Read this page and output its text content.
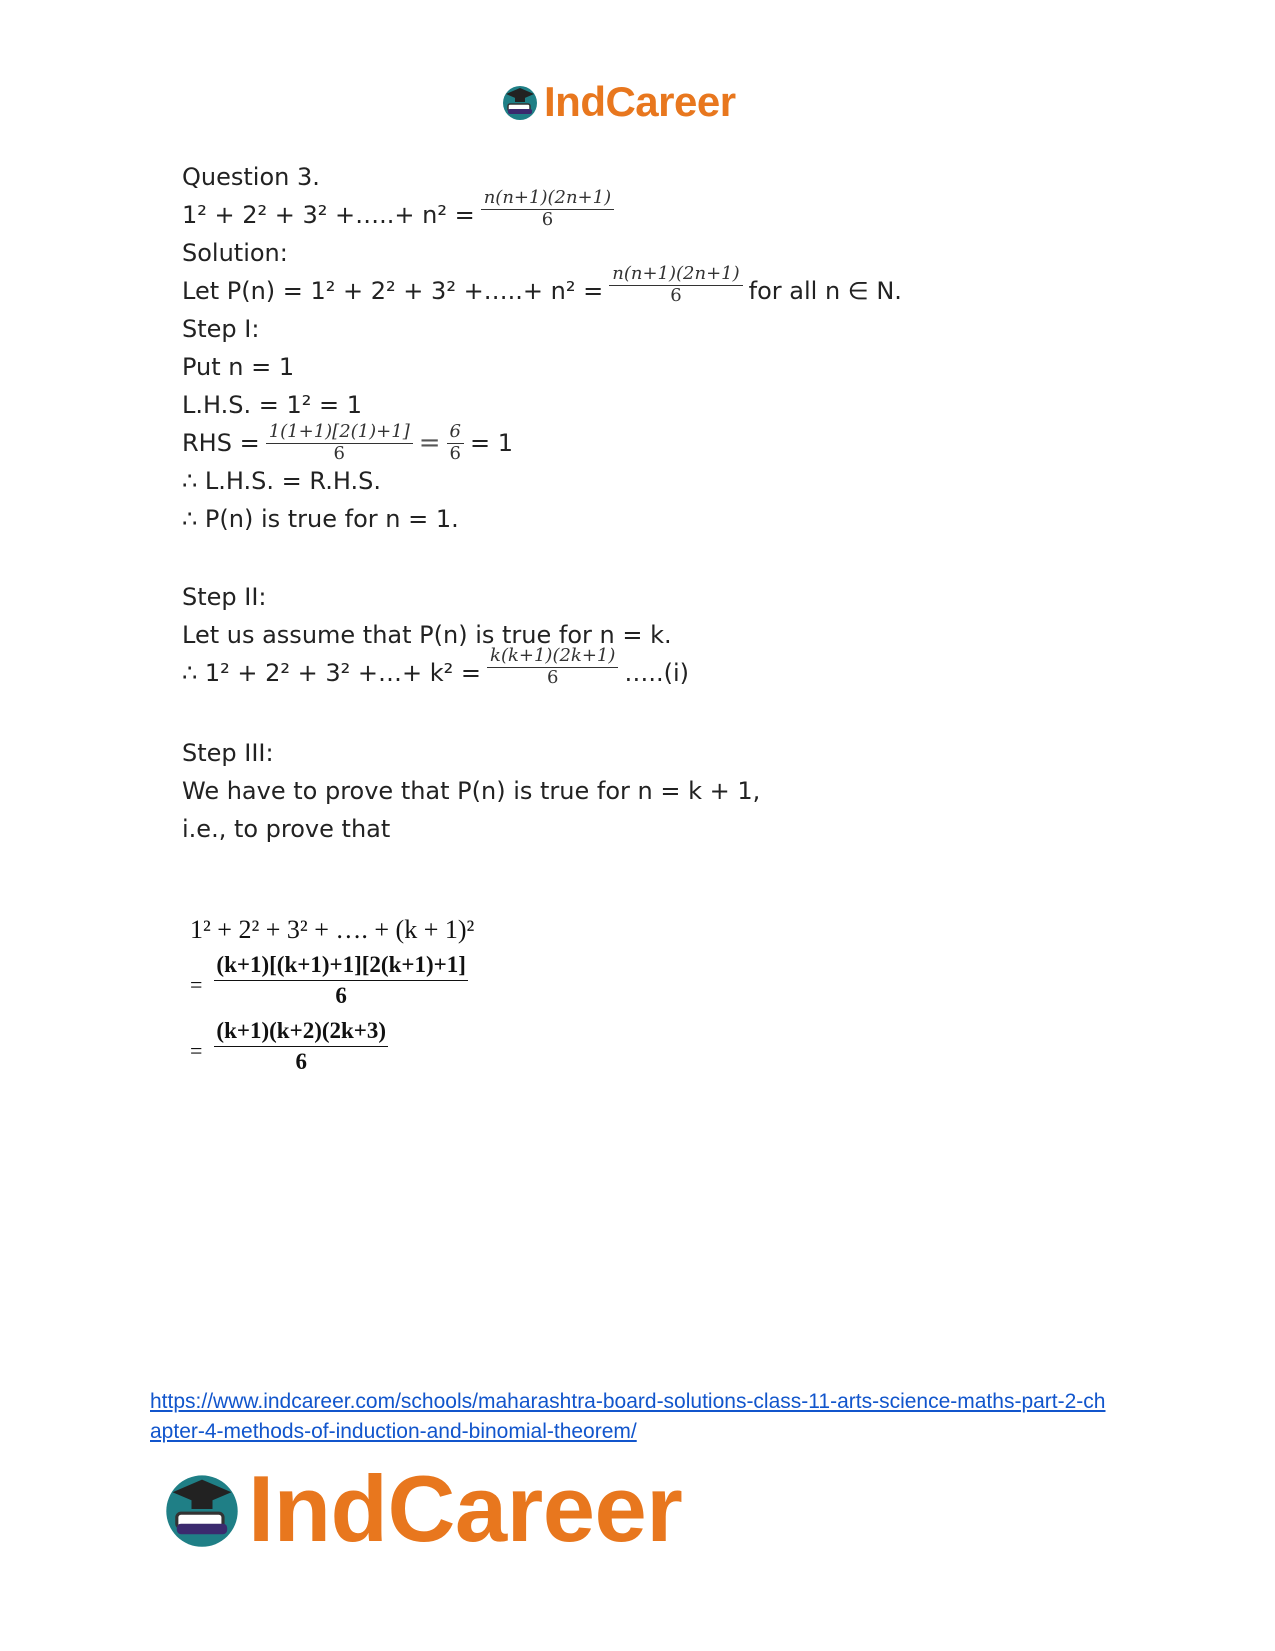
IndCareer
Question 3.
1² + 2² + 3² +…..+ $n^2 = \frac{n(n+1)(2n+1)}{6}$
Solution:
Let P(n) = 1² + 2² + 3² +…..+ $n^2 = \frac{n(n+1)(2n+1)}{6}$ for all n ∈ N.
Step I:
Put n = 1
L.H.S. = 1² = 1
RHS = $\frac{1(1+1)[2(1)+1]}{6} = \frac{6}{6} = 1$
∴ L.H.S. = R.H.S.
∴ P(n) is true for n = 1.
Step II:
Let us assume that P(n) is true for n = k.
∴ 1² + 2² + 3² +…+ $k^2 = \frac{k(k+1)(2k+1)}{6}$ …..(i)
Step III:
We have to prove that P(n) is true for n = k + 1,
i.e., to prove that
1² + 2² + 3² + …. + (k + 1)²
= $\frac{(k+1)[(k+1)+1][2(k+1)+1]}{6}$
= $\frac{(k+1)(k+2)(2k+3)}{6}$
https://www.indcareer.com/schools/maharashtra-board-solutions-class-11-arts-science-maths-part-2-chapter-4-methods-of-induction-and-binomial-theorem/
IndCareer
